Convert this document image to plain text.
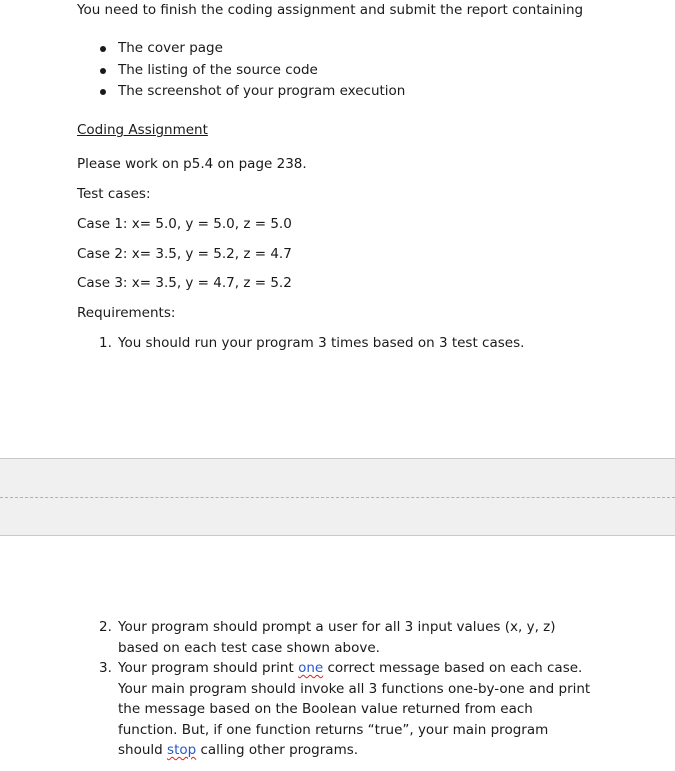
You need to finish the coding assignment and submit the report containing
The cover page
The listing of the source code
The screenshot of your program execution
Coding Assignment
Please work on p5.4 on page 238.
Test cases:
Case 1: x= 5.0, y = 5.0, z = 5.0
Case 2: x= 3.5, y = 5.2, z = 4.7
Case 3: x= 3.5, y = 4.7, z = 5.2
Requirements:
1. You should run your program 3 times based on 3 test cases.
2. Your program should prompt a user for all 3 input values (x, y, z) based on each test case shown above.
3. Your program should print one correct message based on each case. Your main program should invoke all 3 functions one-by-one and print the message based on the Boolean value returned from each function. But, if one function returns “true”, your main program should stop calling other programs.
